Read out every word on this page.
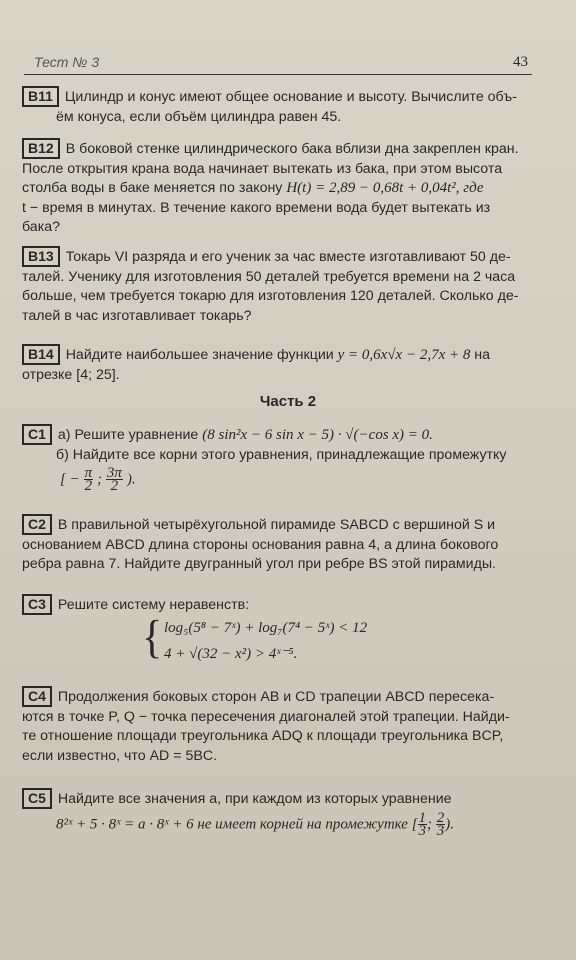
Тест № 3	43
B11 Цилиндр и конус имеют общее основание и высоту. Вычислите объ-
ём конуса, если объём цилиндра равен 45.
B12 В боковой стенке цилиндрического бака вблизи дна закреплен кран.
После открытия крана вода начинает вытекать из бака, при этом высота
столба воды в баке меняется по закону H(t) = 2,89 − 0,68t + 0,04t², где
t − время в минутах. В течение какого времени вода будет вытекать из
бака?
B13 Токарь VI разряда и его ученик за час вместе изготавливают 50 де-
талей. Ученику для изготовления 50 деталей требуется времени на 2 часа
больше, чем требуется токарю для изготовления 120 деталей. Сколько де-
талей в час изготавливает токарь?
B14 Найдите наибольшее значение функции y = 0,6x√x − 2,7x + 8 на
отрезке [4; 25].
Часть 2
C1 а) Решите уравнение (8 sin²x − 6 sin x − 5) · √(−cos x) = 0.
б) Найдите все корни этого уравнения, принадлежащие промежутку
[ − $\frac{\pi}{2}$ ; $\frac{3\pi}{2}$ ).
C2 В правильной четырёхугольной пирамиде SABCD с вершиной S и
основанием ABCD длина стороны основания равна 4, а длина бокового
ребра равна 7. Найдите двугранный угол при ребре BS этой пирамиды.
C3 Решите систему неравенств:
{ log₅(5⁸ − 7ˣ) + log₇(7⁴ − 5ˣ) < 12
4 + √(32 − x²) > 4ˣ⁻⁵.
C4 Продолжения боковых сторон AB и CD трапеции ABCD пересека-
ются в точке P, Q − точка пересечения диагоналей этой трапеции. Найди-
те отношение площади треугольника ADQ к площади треугольника BCP,
если известно, что AD = 5BC.
C5 Найдите все значения a, при каждом из которых уравнение
8²ˣ + 5 · 8ˣ = a · 8ˣ + 6 не имеет корней на промежутке [ $\frac{1}{3}$ ; $\frac{2}{3}$ ).
